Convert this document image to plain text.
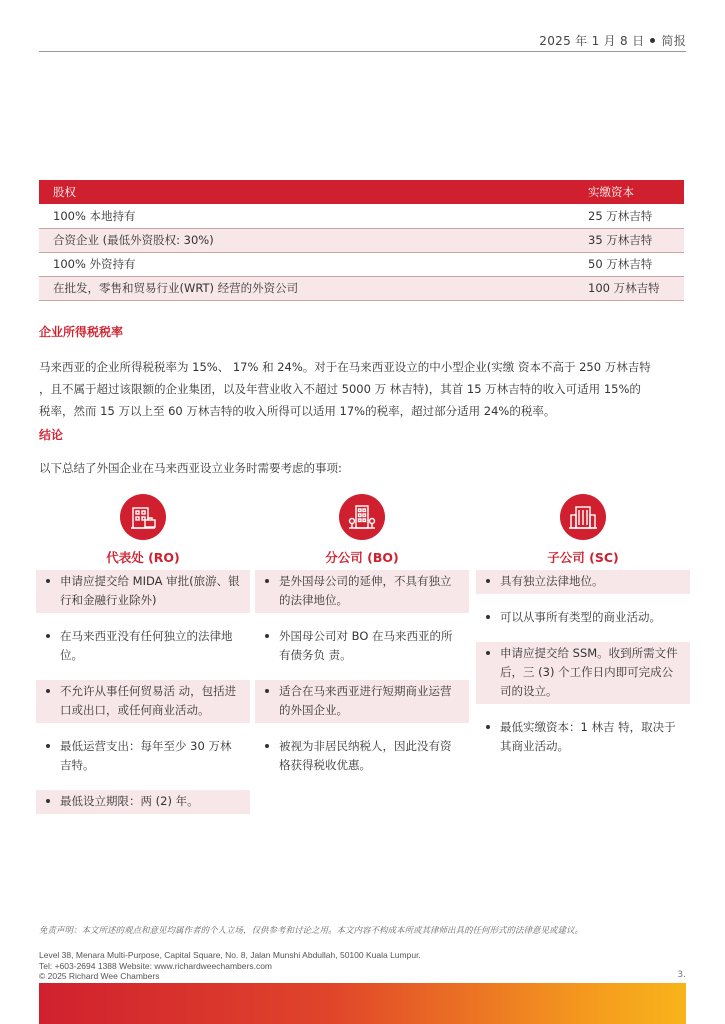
2025 年 1 月 8 日 简报
股权	实缴资本
100% 本地持有	25 万林吉特
合资企业 (最低外资股权: 30%)	35 万林吉特
100% 外资持有	50 万林吉特
在批发，零售和贸易行业(WRT) 经营的外资公司	100 万林吉特
企业所得税税率
马来西亚的企业所得税税率为 15%、 17% 和 24%。对于在马来西亚设立的中小型企业(实缴 资本不高于 250 万林吉特
，且不属于超过该限额的企业集团，以及年营业收入不超过 5000 万 林吉特)，其首 15 万林吉特的收入可适用 15%的
税率，然而 15 万以上至 60 万林吉特的收入所得可以适用 17%的税率，超过部分适用 24%的税率。
结论
以下总结了外国企业在马来西亚设立业务时需要考虑的事项:
代表处 (RO)
申请应提交给 MIDA 审批(旅游、银行和金融行业除外)
在马来西亚没有任何独立的法律地位。
不允许从事任何贸易活 动，包括进口或出口，或任何商业活动。
最低运营支出：每年至少 30 万林吉特。
最低设立期限：两 (2) 年。
分公司 (BO)
是外国母公司的延伸，不具有独立的法律地位。
外国母公司对 BO 在马来西亚的所有债务负 责。
适合在马来西亚进行短期商业运营的外国企业。
被视为非居民纳税人，因此没有资格获得税收优惠。
子公司 (SC)
具有独立法律地位。
可以从事所有类型的商业活动。
申请应提交给 SSM。收到所需文件后，三 (3) 个工作日内即可完成公司的设立。
最低实缴资本：1 林吉 特，取决于其商业活动。
免责声明：本文所述的观点和意见均属作者的个人立场，仅供参考和讨论之用。本文内容不构成本所或其律师出具的任何形式的法律意见或建议。
Level 38, Menara Multi-Purpose, Capital Square, No. 8, Jalan Munshi Abdullah, 50100 Kuala Lumpur.
Tel: +603-2694 1388 Website: www.richardweechambers.com
© 2025 Richard Wee Chambers	3.
